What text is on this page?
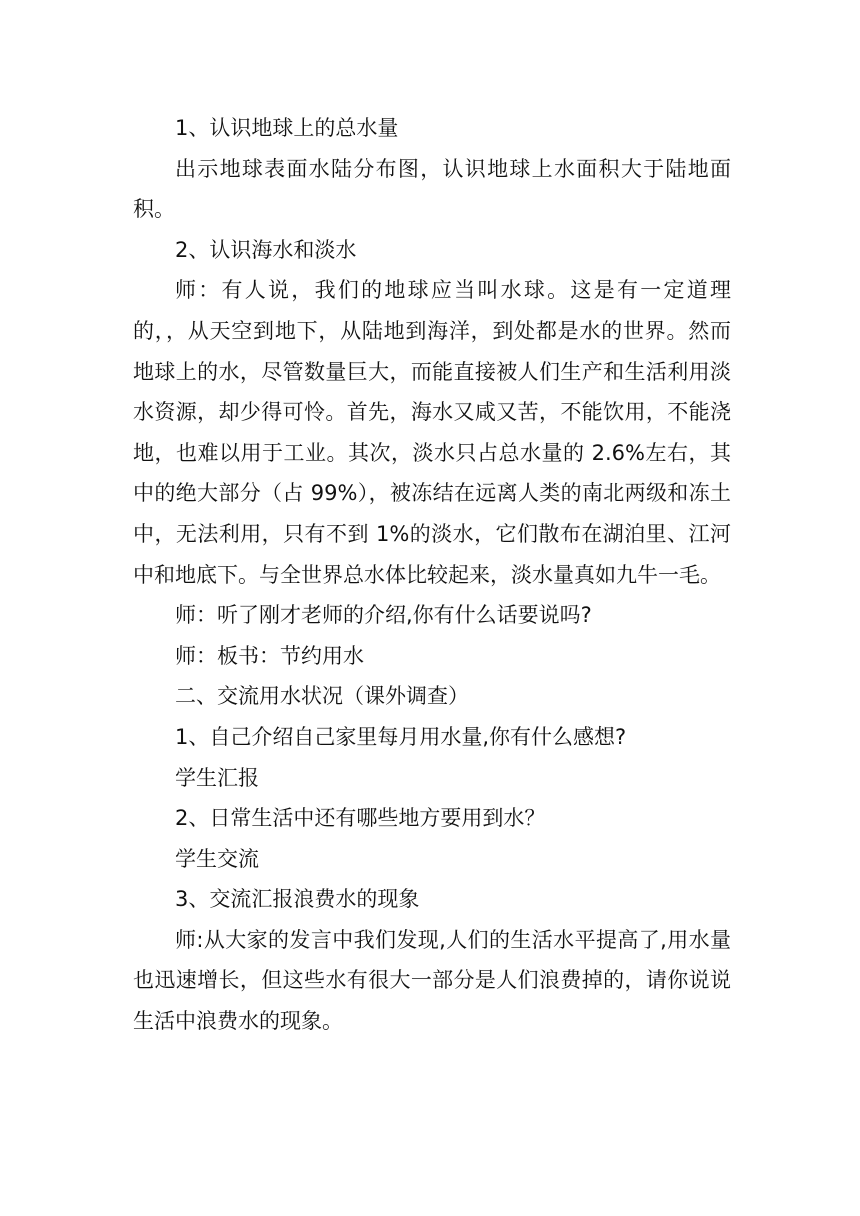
1、认识地球上的总水量

出示地球表面水陆分布图，认识地球上水面积大于陆地面积。

2、认识海水和淡水

师：有人说，我们的地球应当叫水球。这是有一定道理的，，从天空到地下，从陆地到海洋，到处都是水的世界。然而地球上的水，尽管数量巨大，而能直接被人们生产和生活利用淡水资源，却少得可怜。首先，海水又咸又苦，不能饮用，不能浇地，也难以用于工业。其次，淡水只占总水量的 2.6%左右，其中的绝大部分（占 99%），被冻结在远离人类的南北两级和冻土中，无法利用，只有不到 1%的淡水，它们散布在湖泊里、江河中和地底下。与全世界总水体比较起来，淡水量真如九牛一毛。

师：听了刚才老师的介绍,你有什么话要说吗?

师：板书：节约用水

二、交流用水状况（课外调查）

1、自己介绍自己家里每月用水量,你有什么感想?

学生汇报

2、日常生活中还有哪些地方要用到水？

学生交流

3、交流汇报浪费水的现象

师:从大家的发言中我们发现,人们的生活水平提高了,用水量也迅速增长，但这些水有很大一部分是人们浪费掉的，请你说说生活中浪费水的现象。
